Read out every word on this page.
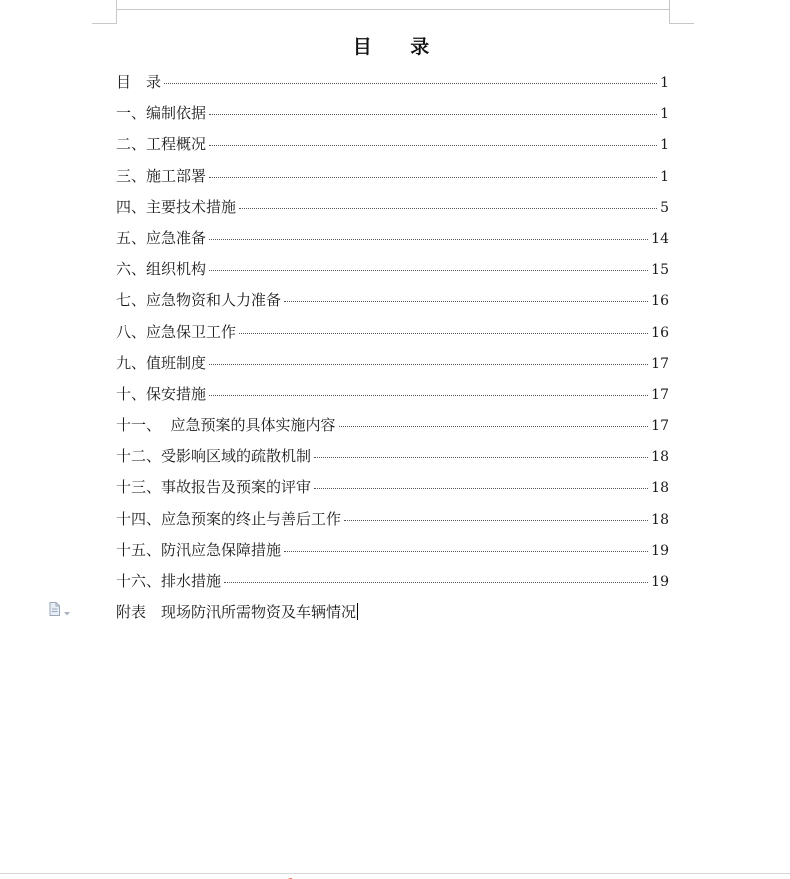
目 录
目　录	1
一、编制依据	1
二、工程概况	1
三、施工部署	1
四、主要技术措施	5
五、应急准备	14
六、组织机构	15
七、应急物资和人力准备	16
八、应急保卫工作	16
九、值班制度	17
十、保安措施	17
十一、  应急预案的具体实施内容	17
十二、受影响区域的疏散机制	18
十三、事故报告及预案的评审	18
十四、应急预案的终止与善后工作	18
十五、防汛应急保障措施	19
十六、排水措施	19
附表　现场防汛所需物资及车辆情况
